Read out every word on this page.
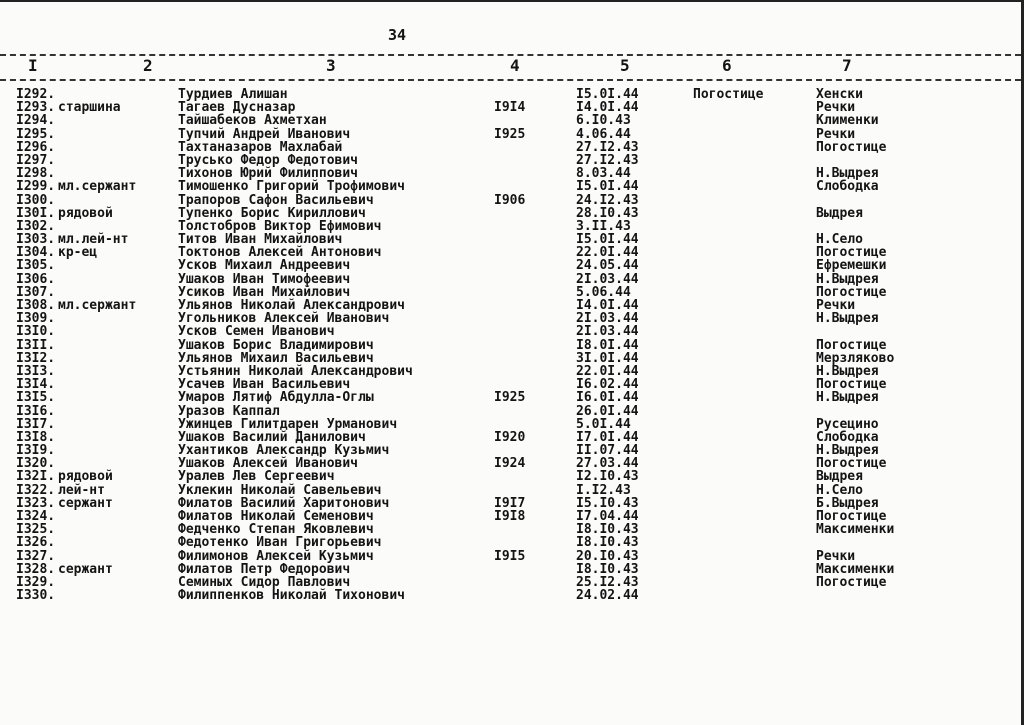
34
I	2	3	4	5	6	7
I292.	Турдиев Алишан	I5.0I.44	Погостице	Хенски
I293. старшина	Тагаев Дусназар	I9I4	I4.0I.44	Речки
I294.	Тайшабеков Ахметхан	6.I0.43	Клименки
I295.	Тупчий Андрей Иванович	I925	4.06.44	Речки
I296.	Тахтаназаров Махлабай	27.I2.43	Погостице
I297.	Труськo Федор Федотович	27.I2.43
I298.	Тихонов Юрий Филиппович	8.03.44	Н.Выдрея
I299. мл.сержант	Тимошенко Григорий Трофимович	I5.0I.44	Слободка
I300.	Трапоров Сафон Васильевич	I906	24.I2.43
I30I. рядовой	Тупенко Борис Кириллович	28.I0.43	Выдрея
I302.	Толстобров Виктор Ефимович	3.II.43
I303. мл.лей-нт	Титов Иван Михайлович	I5.0I.44	Н.Село
I304. кр-ец	Токтонов Алексей Антонович	22.0I.44	Погостице
I305.	Усков Михаил Андреевич	24.05.44	Ефремешки
I306.	Ушаков Иван Тимофеевич	2I.03.44	Н.Выдрея
I307.	Усиков Иван Михайлович	5.06.44	Погостице
I308. мл.сержант	Ульянов Николай Александрович	I4.0I.44	Речки
I309.	Угольников Алексей Иванович	2I.03.44	Н.Выдрея
I3I0.	Усков Семен Иванович	2I.03.44
I3II.	Ушаков Борис Владимирович	I8.0I.44	Погостице
I3I2.	Ульянов Михаил Васильевич	3I.0I.44	Мерзляково
I3I3.	Устьянин Николай Александрович	22.0I.44	Н.Выдрея
I3I4.	Усачев Иван Васильевич	I6.02.44	Погостице
I3I5.	Умаров Лятиф Абдулла-Оглы	I925	I6.0I.44	Н.Выдрея
I3I6.	Уразов Каппал	26.0I.44
I3I7.	Ужинцев Гилитдарен Урманович	5.0I.44	Русецино
I3I8.	Ушаков Василий Данилович	I920	I7.0I.44	Слободка
I3I9.	Ухантиков Александр Кузьмич	II.07.44	Н.Выдрея
I320.	Ушаков Алексей Иванович	I924	27.03.44	Погостице
I32I. рядовой	Уралев Лев Сергеевич	I2.I0.43	Выдрея
I322. лей-нт	Уклекин Николай Савельевич	I.I2.43	Н.Село
I323. сержант	Филатов Василий Харитонович	I9I7	I5.I0.43	Б.Выдрея
I324.	Филатов Николай Семенович	I9I8	I7.04.44	Погостице
I325.	Федченко Степан Яковлевич	I8.I0.43	Максименки
I326.	Федотенко Иван Григорьевич	I8.I0.43
I327.	Филимонов Алексей Кузьмич	I9I5	20.I0.43	Речки
I328. сержант	Филатов Петр Федорович	I8.I0.43	Максименки
I329.	Семиных Сидор Павлович	25.I2.43	Погостице
I330.	Филиппенков Николай Тихонович	24.02.44
